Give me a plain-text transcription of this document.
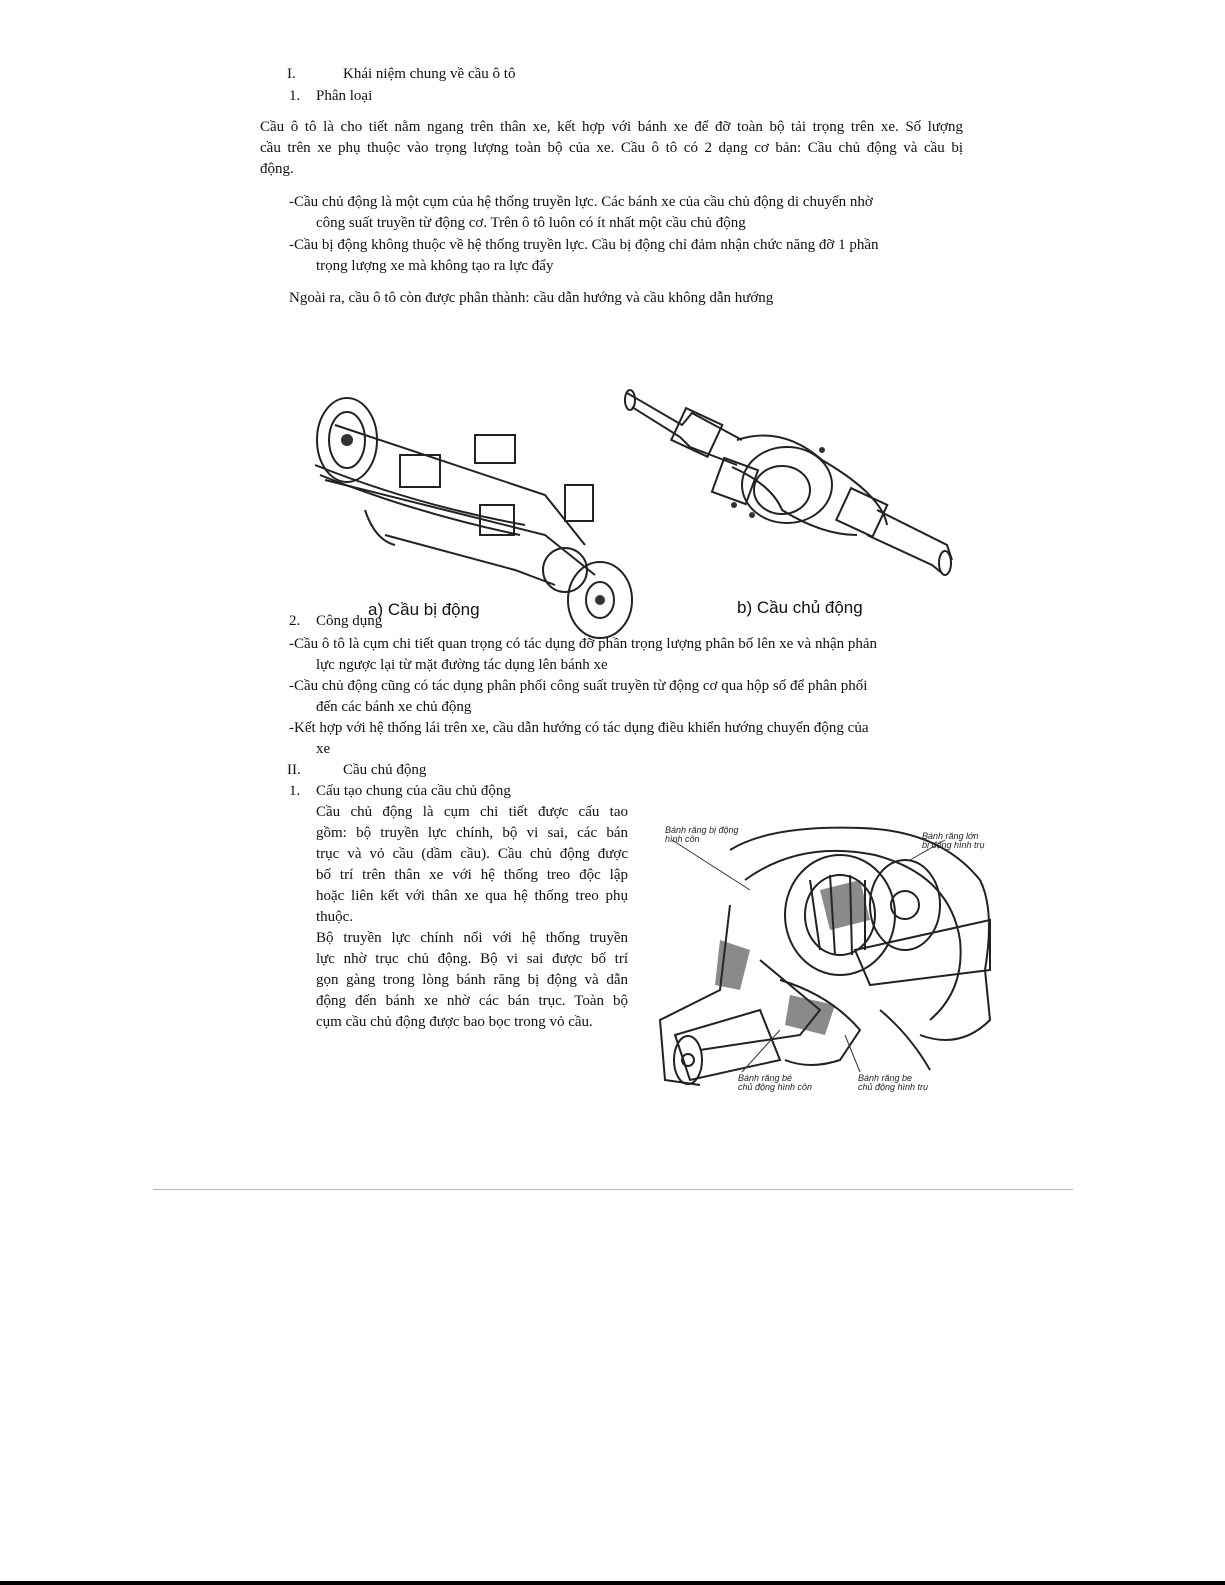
I.	Khái niệm chung về cầu ô tô
1. Phân loại
Cầu ô tô là cho tiết nằm ngang trên thân xe, kết hợp với bánh xe để đỡ toàn bộ tải trọng trên xe. Số lượng
cầu trên xe phụ thuộc vào trọng lượng toàn bộ của xe. Cầu ô tô có 2 dạng cơ bản: Cầu chủ động và cầu bị
động.
-Cầu chủ động là một cụm của hệ thống truyền lực. Các bánh xe của cầu chủ động di chuyển nhờ
công suất truyền từ động cơ. Trên ô tô luôn có ít nhất một cầu chủ động
-Cầu bị động không thuộc về hệ thống truyền lực. Cầu bị động chỉ đảm nhận chức năng đỡ 1 phần
trọng lượng xe mà không tạo ra lực đẩy
Ngoài ra, cầu ô tô còn được phân thành: cầu dẫn hướng và cầu không dẫn hướng
a) Cầu bị động	b) Cầu chủ động
2. Công dụng
-Cầu ô tô là cụm chi tiết quan trọng có tác dụng đỡ phần trọng lượng phân bố lên xe và nhận phản
lực ngược lại từ mặt đường tác dụng lên bánh xe
-Cầu chủ động cũng có tác dụng phân phối công suất truyền từ động cơ qua hộp số để phân phối
đến các bánh xe chủ động
-Kết hợp với hệ thống lái trên xe, cầu dẫn hướng có tác dụng điều khiển hướng chuyển động của
xe
II.	Cầu chủ động
1. Cấu tạo chung của cầu chủ động
Cầu chủ động là cụm chi tiết được cấu tao
gồm: bộ truyền lực chính, bộ vi sai, các bán
trục và vỏ cầu (dầm cầu). Cầu chủ động được
bố trí trên thân xe với hệ thống treo độc lập
hoặc liên kết với thân xe qua hệ thống treo phụ
thuộc.
Bộ truyền lực chính nối với hệ thống truyền
lực nhờ trục chủ động. Bộ vi sai được bố trí
gọn gàng trong lòng bánh răng bị động và dẫn
động đến bánh xe nhờ các bán trục. Toàn bộ
cụm cầu chủ động được bao bọc trong vỏ cầu.
Bánh răng bị động
hình côn	Bánh răng lớn
bị động hình trụ
Bánh răng bé
chủ động hình côn
Bánh răng be
chủ động hình trụ
